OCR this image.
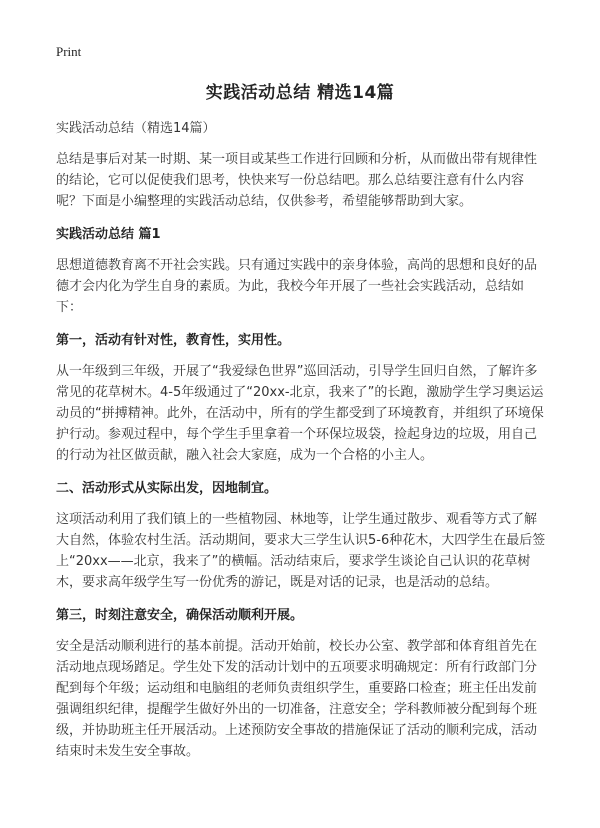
Print
实践活动总结 精选14篇

实践活动总结（精选14篇）

总结是事后对某一时期、某一项目或某些工作进行回顾和分析，从而做出带有规律性的结论，它可以促使我们思考，快快来写一份总结吧。那么总结要注意有什么内容呢？下面是小编整理的实践活动总结，仅供参考，希望能够帮助到大家。

实践活动总结 篇1

思想道德教育离不开社会实践。只有通过实践中的亲身体验，高尚的思想和良好的品德才会内化为学生自身的素质。为此，我校今年开展了一些社会实践活动，总结如下：

第一，活动有针对性，教育性，实用性。

从一年级到三年级，开展了“我爱绿色世界”巡回活动，引导学生回归自然，了解许多常见的花草树木。4-5年级通过了“20xx-北京，我来了”的长跑，激励学生学习奥运运动员的“拼搏精神。此外，在活动中，所有的学生都受到了环境教育，并组织了环境保护行动。参观过程中，每个学生手里拿着一个环保垃圾袋，捡起身边的垃圾，用自己的行动为社区做贡献，融入社会大家庭，成为一个合格的小主人。

二、活动形式从实际出发，因地制宜。

这项活动利用了我们镇上的一些植物园、林地等，让学生通过散步、观看等方式了解大自然，体验农村生活。活动期间，要求大三学生认识5-6种花木，大四学生在最后签上“20xx——北京，我来了”的横幅。活动结束后，要求学生谈论自己认识的花草树木，要求高年级学生写一份优秀的游记，既是对话的记录，也是活动的总结。

第三，时刻注意安全，确保活动顺利开展。

安全是活动顺利进行的基本前提。活动开始前，校长办公室、教学部和体育组首先在活动地点现场踏足。学生处下发的活动计划中的五项要求明确规定：所有行政部门分配到每个年级；运动组和电脑组的老师负责组织学生，重要路口检查；班主任出发前强调组织纪律，提醒学生做好外出的一切准备，注意安全；学科教师被分配到每个班级，并协助班主任开展活动。上述预防安全事故的措施保证了活动的顺利完成，活动结束时未发生安全事故。
